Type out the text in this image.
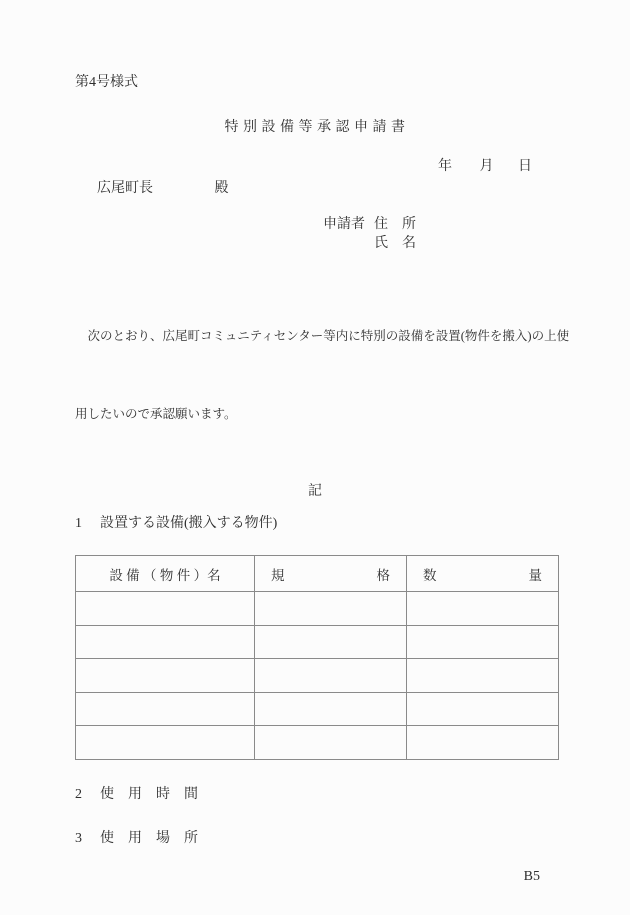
第4号様式
特 別 設 備 等 承 認 申 請 書
年 月 日
広尾町長	殿
申請者 住　所
氏　名

　次のとおり、広尾町コミュニティセンター等内に特別の設備を設置(物件を搬入)の上使

用したいので承認願います。

記
1	設置する設備(搬入する物件)
設 備 （ 物 件 ）名	規 格	数 量

2	使　用　時　間
3	使　用　場　所
B5
